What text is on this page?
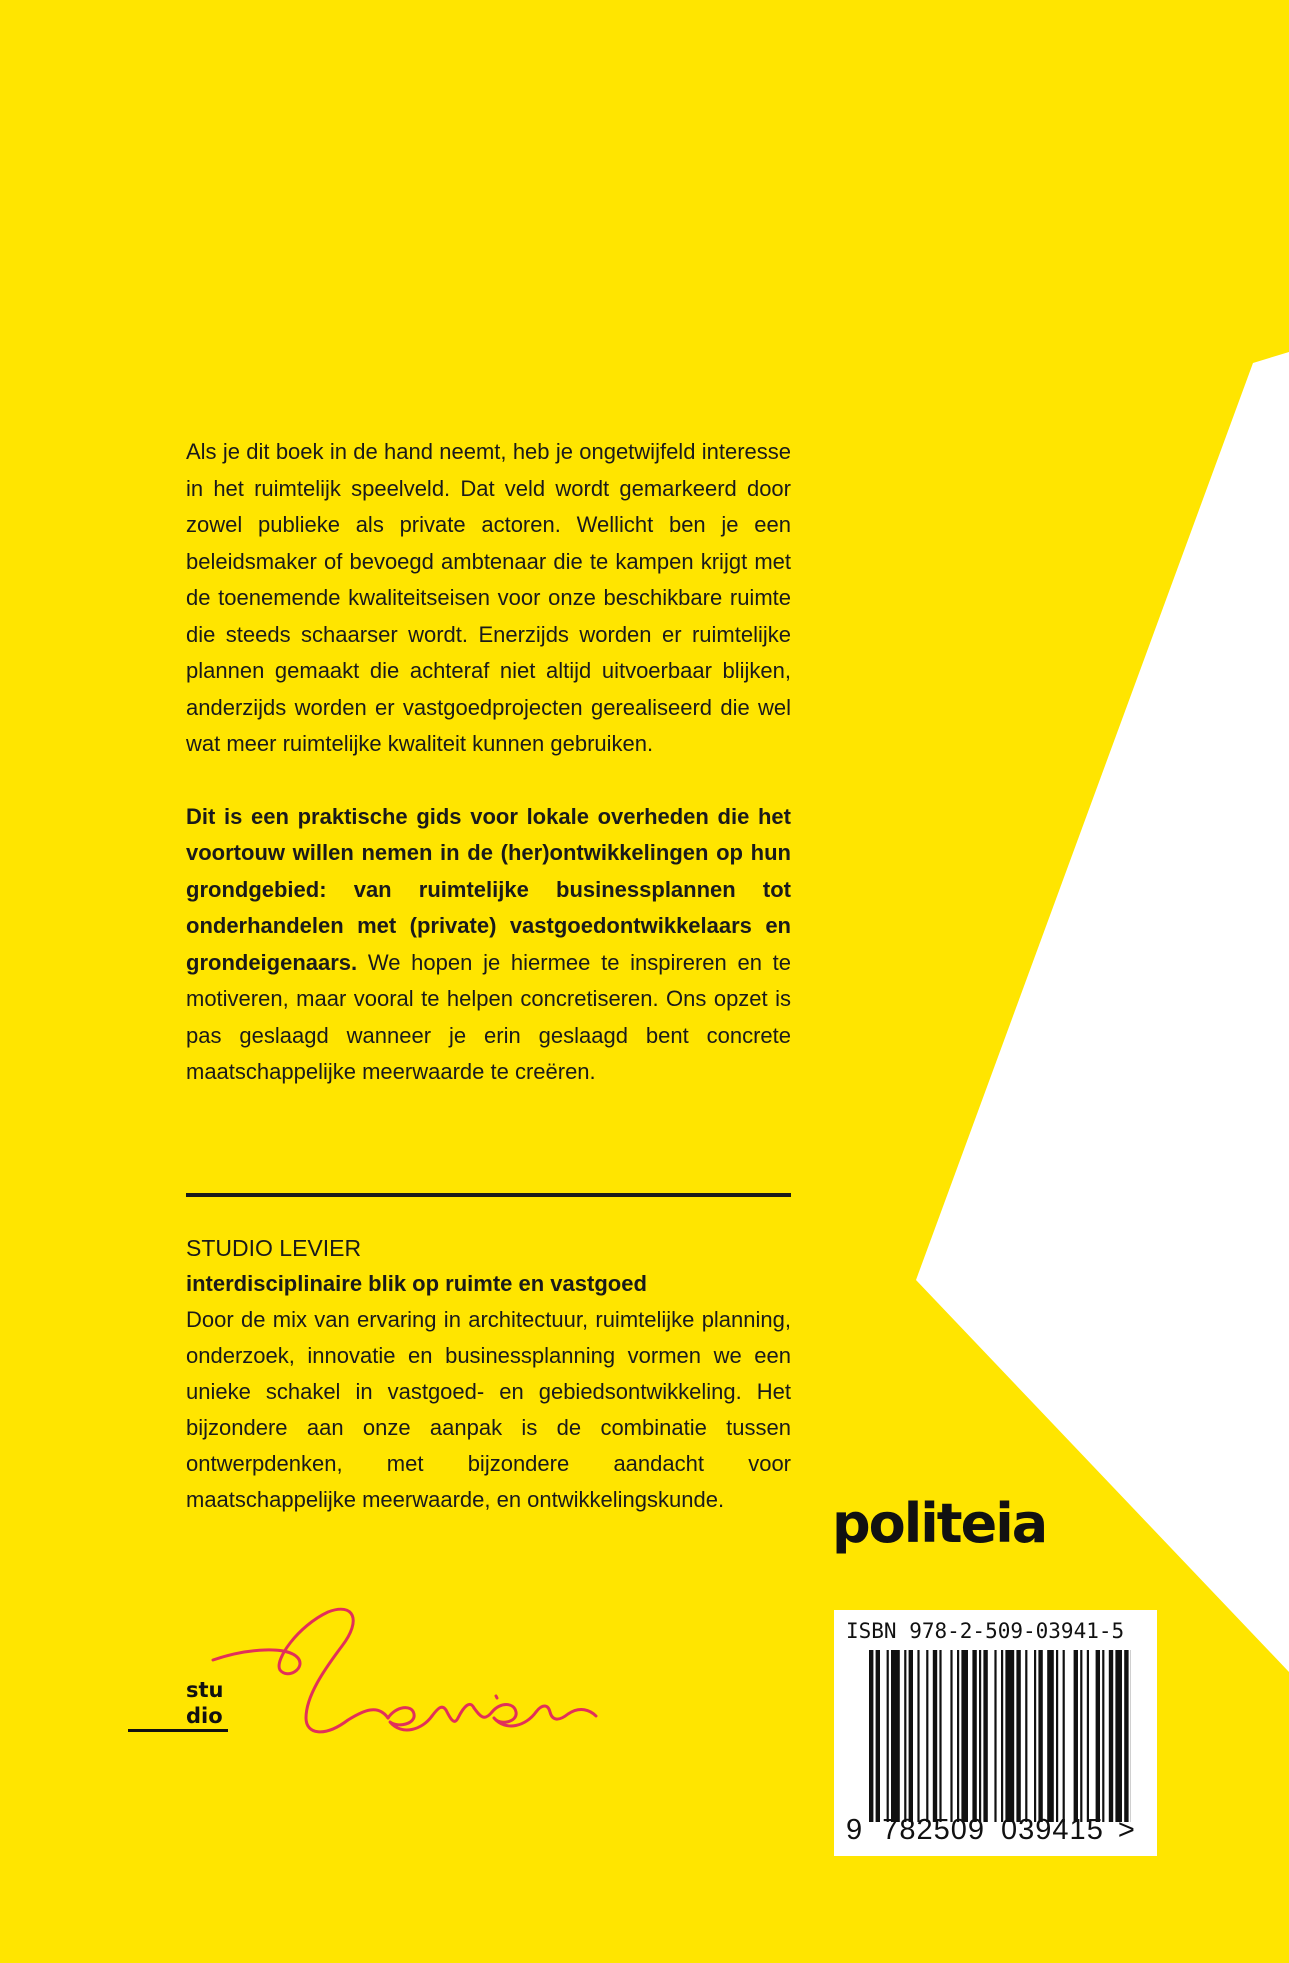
Als je dit boek in de hand neemt, heb je ongetwijfeld interesse in het ruimtelijk speelveld. Dat veld wordt gemarkeerd door zowel publieke als private actoren. Wellicht ben je een beleidsmaker of bevoegd ambtenaar die te kampen krijgt met de toenemende kwaliteitseisen voor onze beschikbare ruimte die steeds schaarser wordt. Enerzijds worden er ruimtelijke plannen gemaakt die achteraf niet altijd uitvoerbaar blijken, anderzijds worden er vastgoedprojecten gerealiseerd die wel wat meer ruimtelijke kwaliteit kunnen gebruiken.

Dit is een praktische gids voor lokale overheden die het voortouw willen nemen in de (her)ontwikkelingen op hun grondgebied: van ruimtelijke businessplannen tot onderhandelen met (private) vastgoedontwikkelaars en grondeigenaars. We hopen je hiermee te inspireren en te motiveren, maar vooral te helpen concretiseren. Ons opzet is pas geslaagd wanneer je erin geslaagd bent concrete maatschappelijke meerwaarde te creëren.

STUDIO LEVIER

interdisciplinaire blik op ruimte en vastgoed

Door de mix van ervaring in architectuur, ruimtelijke planning, onderzoek, innovatie en businessplanning vormen we een unieke schakel in vastgoed- en gebiedsontwikkeling. Het bijzondere aan onze aanpak is de combinatie tussen ontwerpdenken, met bijzondere aandacht voor maatschappelijke meerwaarde, en ontwikkelingskunde.	politeia
ISBN 978-2-509-03941-5
9 782509 039415 >
stu
dio
